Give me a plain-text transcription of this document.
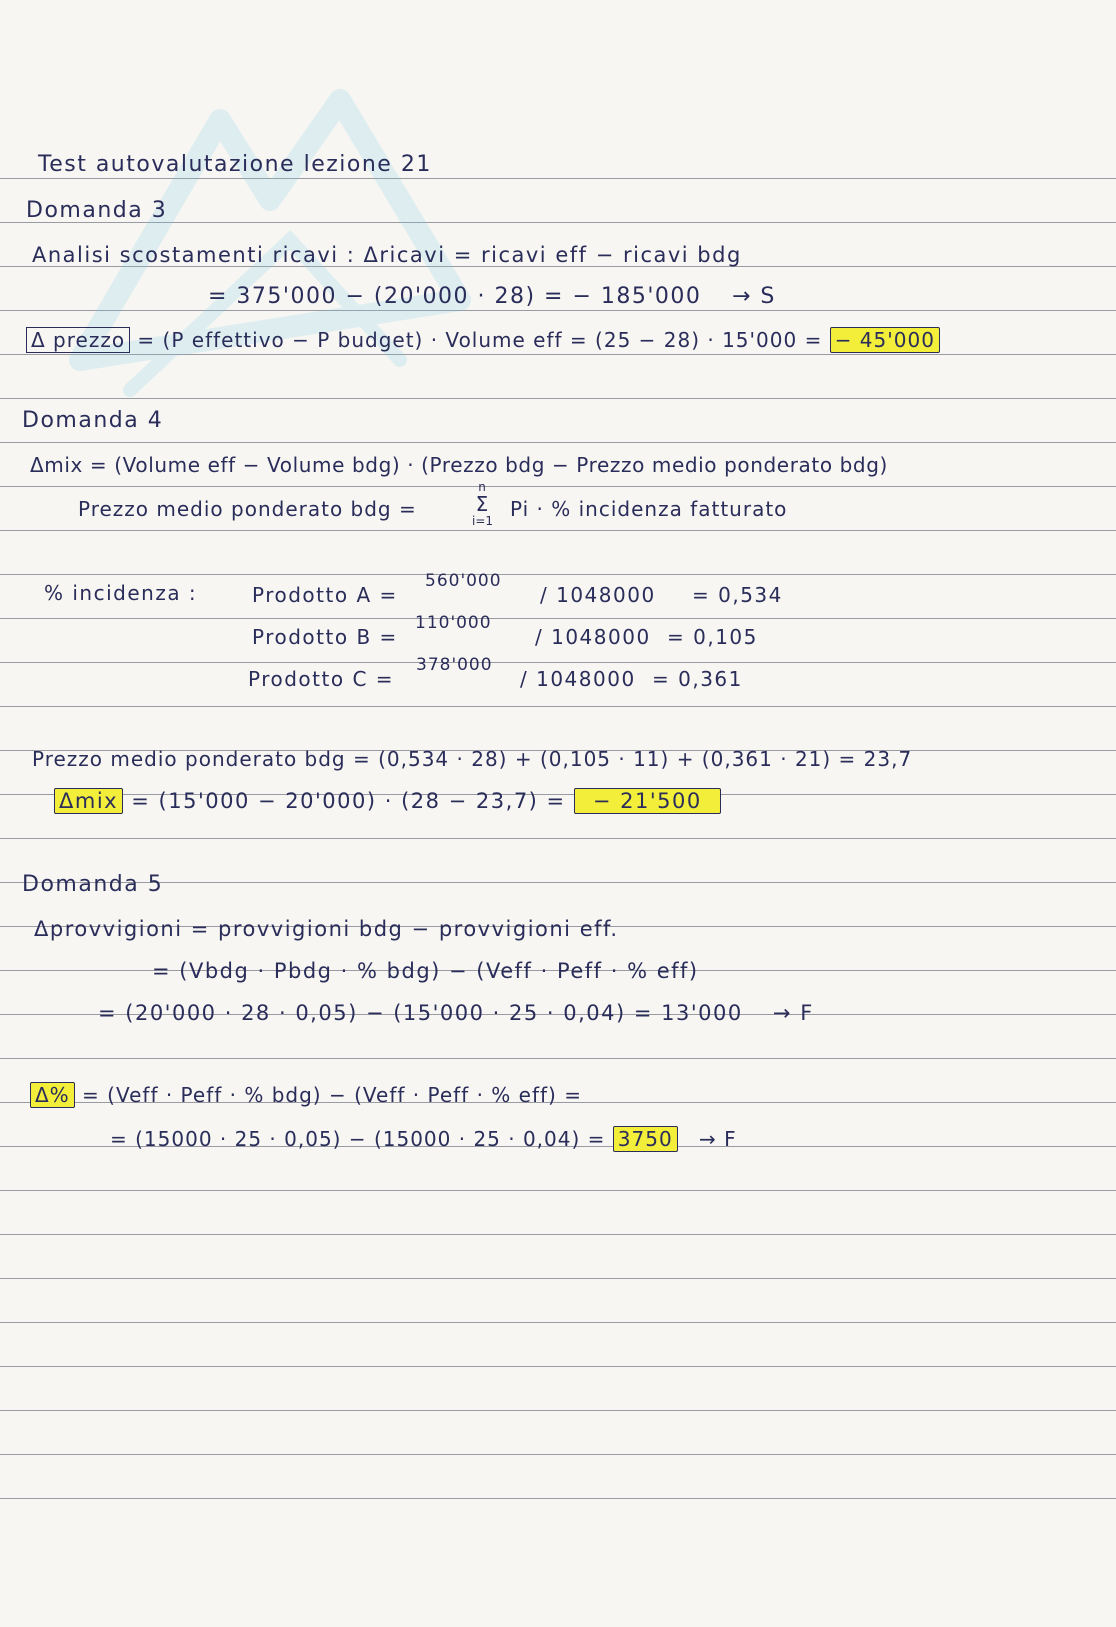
Test autovalutazione lezione 21
Domanda 3
Analisi scostamenti ricavi : Δricavi = ricavi eff − ricavi bdg
= 375'000 − (20'000 · 28) = − 185'000 → S
Δ prezzo = (P effettivo − P budget) · Volume eff = (25 − 28) · 15'000 = − 45'000
Domanda 4
Δmix = (Volume eff − Volume bdg) · (Prezzo bdg − Prezzo medio ponderato bdg)
Prezzo medio ponderato bdg =
n
Σ
i=1 Pi · % incidenza fatturato
% incidenza :	Prodotto A =
560'000
/ 1048000 = 0,534
Prodotto B =
110'000
/ 1048000 = 0,105
Prodotto C =
378'000
/ 1048000 = 0,361
Prezzo medio ponderato bdg = (0,534 · 28) + (0,105 · 11) + (0,361 · 21) = 23,7
Δmix = (15'000 − 20'000) · (28 − 23,7) = − 21'500
Domanda 5
Δprovvigioni = provvigioni bdg − provvigioni eff.
= (Vbdg · Pbdg · % bdg) − (Veff · Peff · % eff)
= (20'000 · 28 · 0,05) − (15'000 · 25 · 0,04) = 13'000 → F
Δ% = (Veff · Peff · % bdg) − (Veff · Peff · % eff) =
= (15000 · 25 · 0,05) − (15000 · 25 · 0,04) = 3750 → F
